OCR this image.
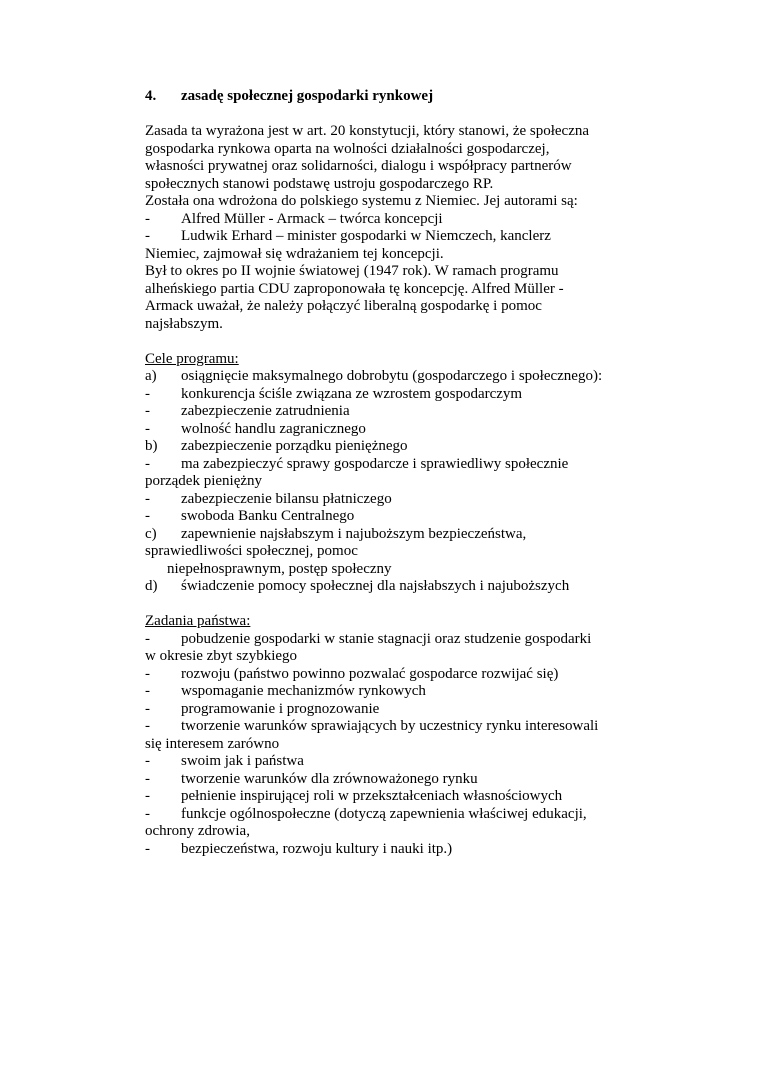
4. zasadę społecznej gospodarki rynkowej
Zasada ta wyrażona jest w art. 20 konstytucji, który stanowi, że społeczna
gospodarka rynkowa oparta na wolności działalności gospodarczej,
własności prywatnej oraz solidarności, dialogu i współpracy partnerów
społecznych stanowi podstawę ustroju gospodarczego RP.
Została ona wdrożona do polskiego systemu z Niemiec. Jej autorami są:
- Alfred Müller - Armack – twórca koncepcji
- Ludwik Erhard – minister gospodarki w Niemczech, kanclerz
Niemiec, zajmował się wdrażaniem tej koncepcji.
Był to okres po II wojnie światowej (1947 rok). W ramach programu
alheńskiego partia CDU zaproponowała tę koncepcję. Alfred Müller -
Armack uważał, że należy połączyć liberalną gospodarkę i pomoc
najsłabszym.
Cele programu:
a) osiągnięcie maksymalnego dobrobytu (gospodarczego i społecznego):
- konkurencja ściśle związana ze wzrostem gospodarczym
- zabezpieczenie zatrudnienia
- wolność handlu zagranicznego
b) zabezpieczenie porządku pieniężnego
- ma zabezpieczyć sprawy gospodarcze i sprawiedliwy społecznie
porządek pieniężny
- zabezpieczenie bilansu płatniczego
- swoboda Banku Centralnego
c) zapewnienie najsłabszym i najuboższym bezpieczeństwa,
sprawiedliwości społecznej, pomoc
niepełnosprawnym, postęp społeczny
d) świadczenie pomocy społecznej dla najsłabszych i najuboższych
Zadania państwa:
- pobudzenie gospodarki w stanie stagnacji oraz studzenie gospodarki
w okresie zbyt szybkiego
- rozwoju (państwo powinno pozwalać gospodarce rozwijać się)
- wspomaganie mechanizmów rynkowych
- programowanie i prognozowanie
- tworzenie warunków sprawiających by uczestnicy rynku interesowali
się interesem zarówno
- swoim jak i państwa
- tworzenie warunków dla zrównoważonego rynku
- pełnienie inspirującej roli w przekształceniach własnościowych
- funkcje ogólnospołeczne (dotyczą zapewnienia właściwej edukacji,
ochrony zdrowia,
- bezpieczeństwa, rozwoju kultury i nauki itp.)
